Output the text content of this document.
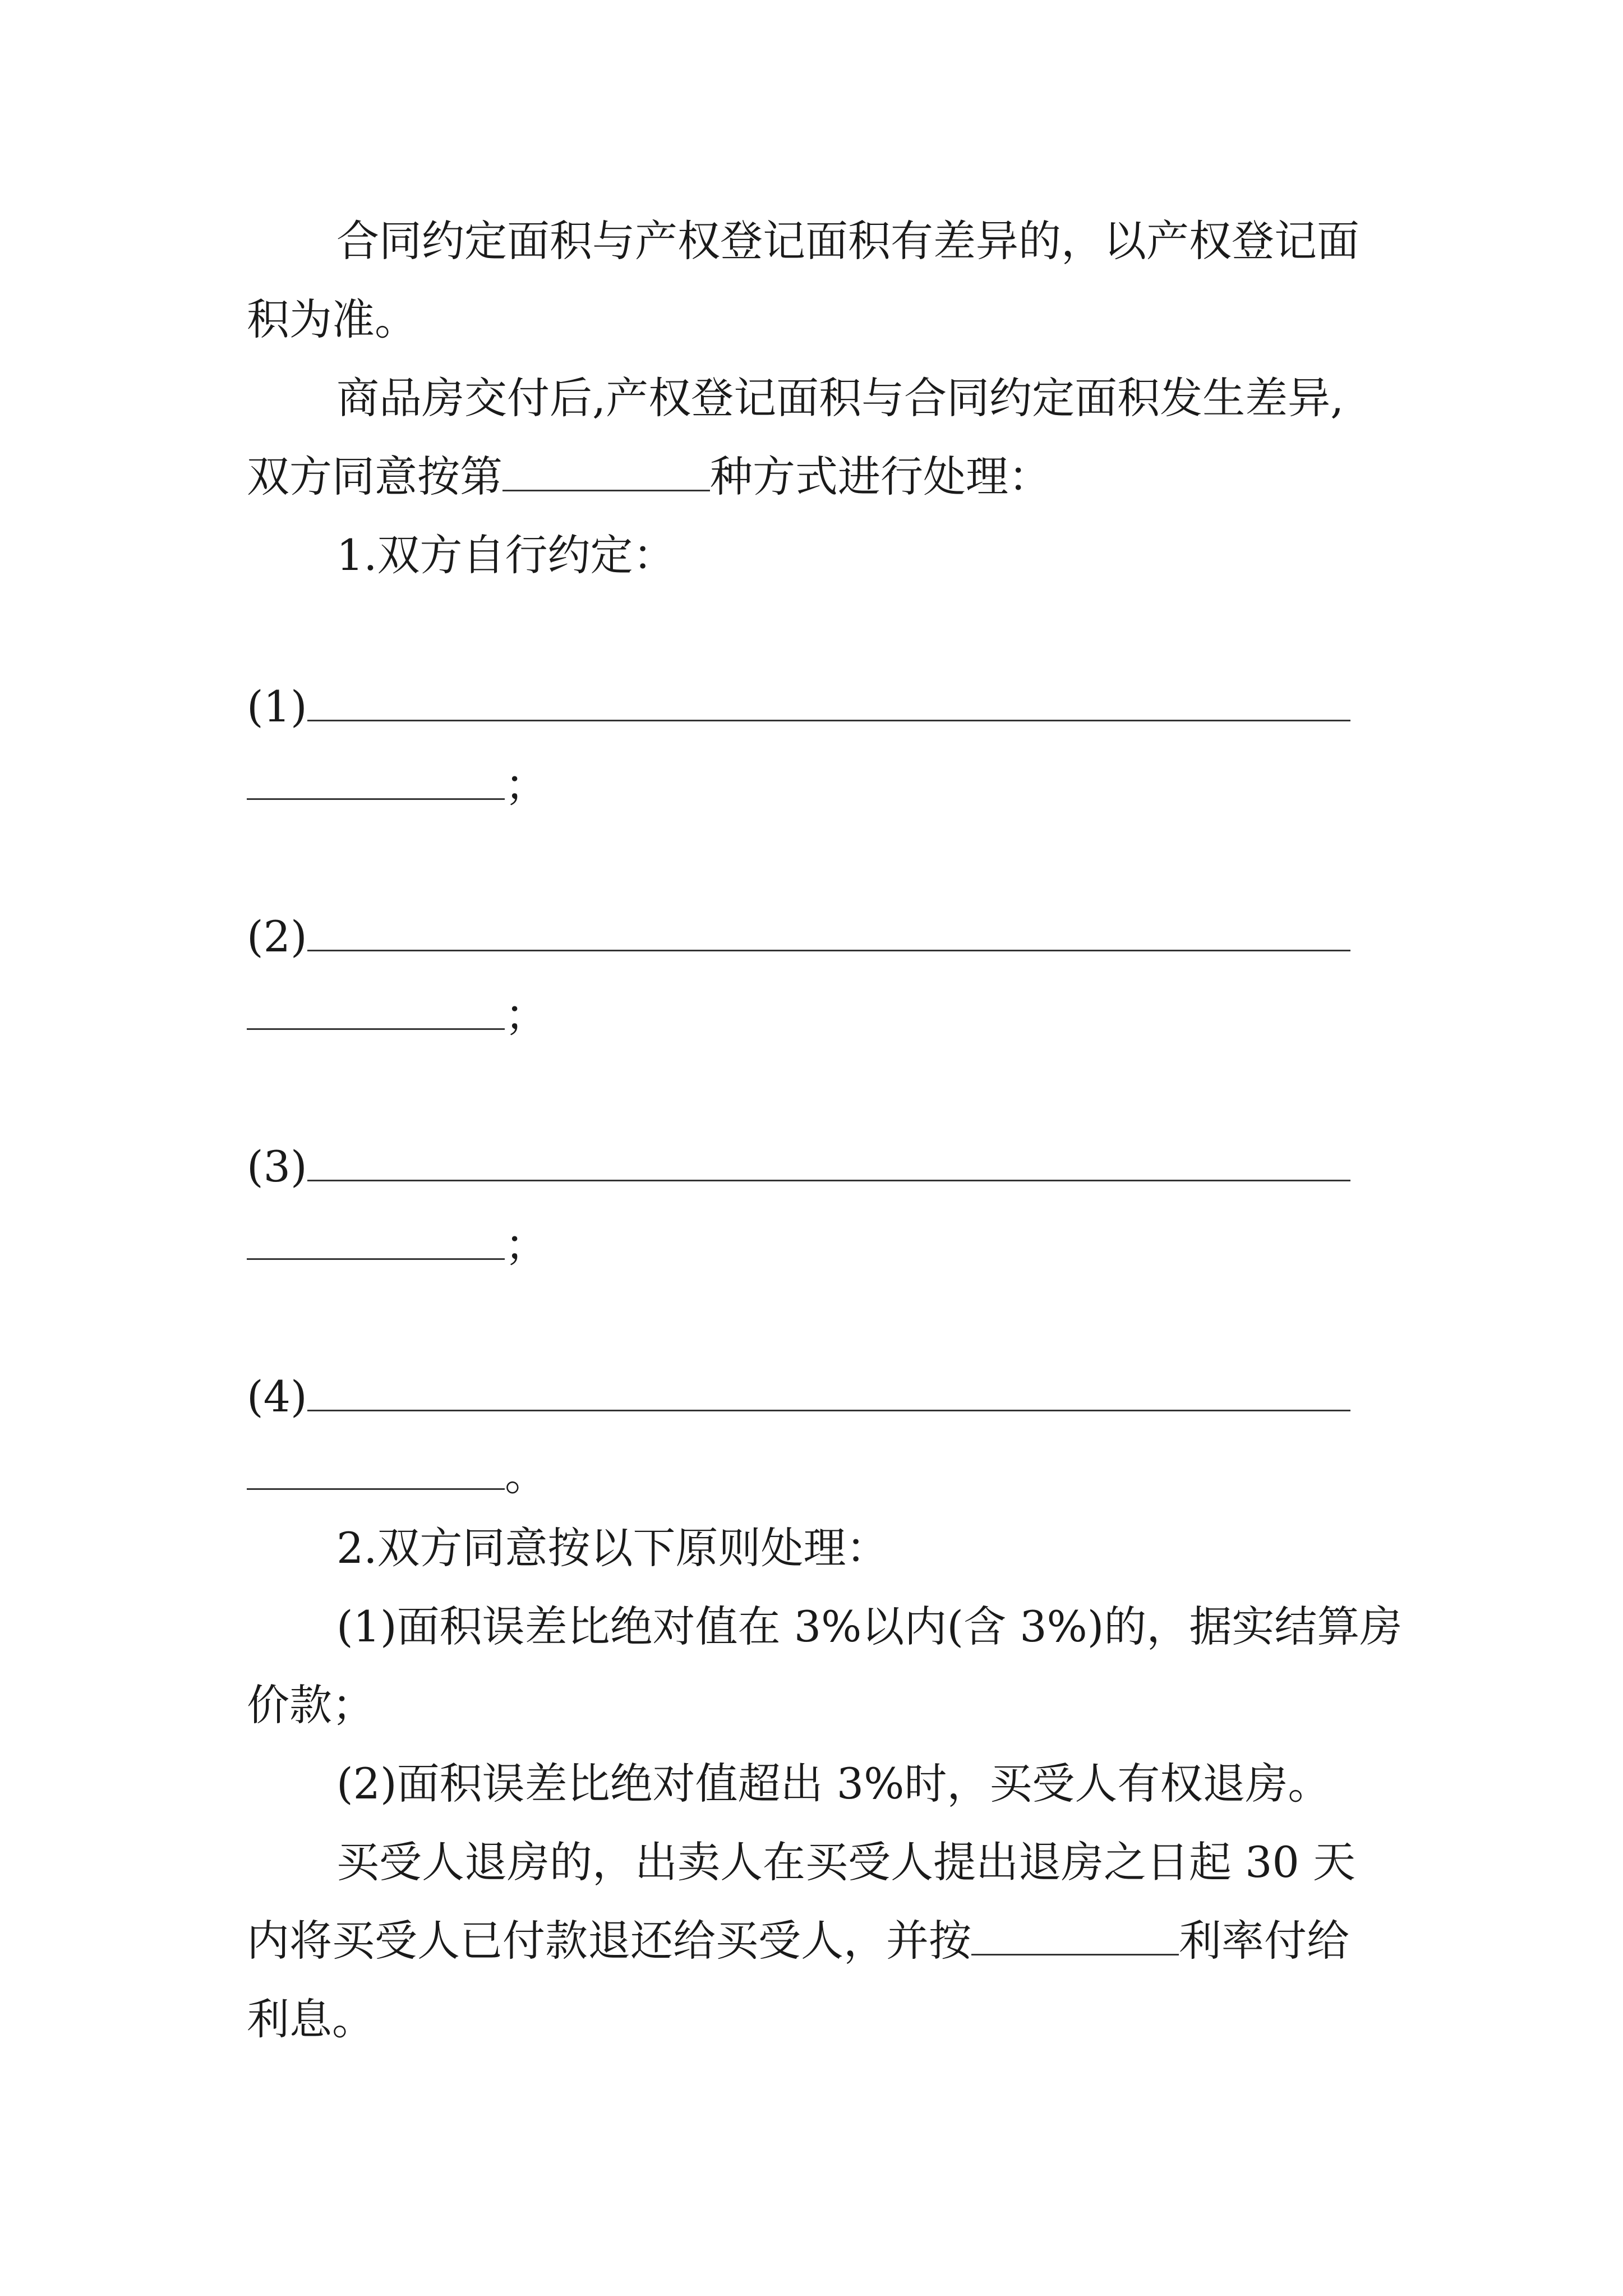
合同约定面积与产权登记面积有差异的，以产权登记面
积为准。
商品房交付后,产权登记面积与合同约定面积发生差异,
双方同意按第	种方式进行处理：
1.双方自行约定：
(1)
；
(2)
；
(3)
；
(4)
。
2.双方同意按以下原则处理：
(1)面积误差比绝对值在 3%以内(含 3%)的，据实结算房
价款；
(2)面积误差比绝对值超出 3%时，买受人有权退房。
买受人退房的，出卖人在买受人提出退房之日起 30 天
内将买受人已付款退还给买受人，并按	利率付给
利息。
